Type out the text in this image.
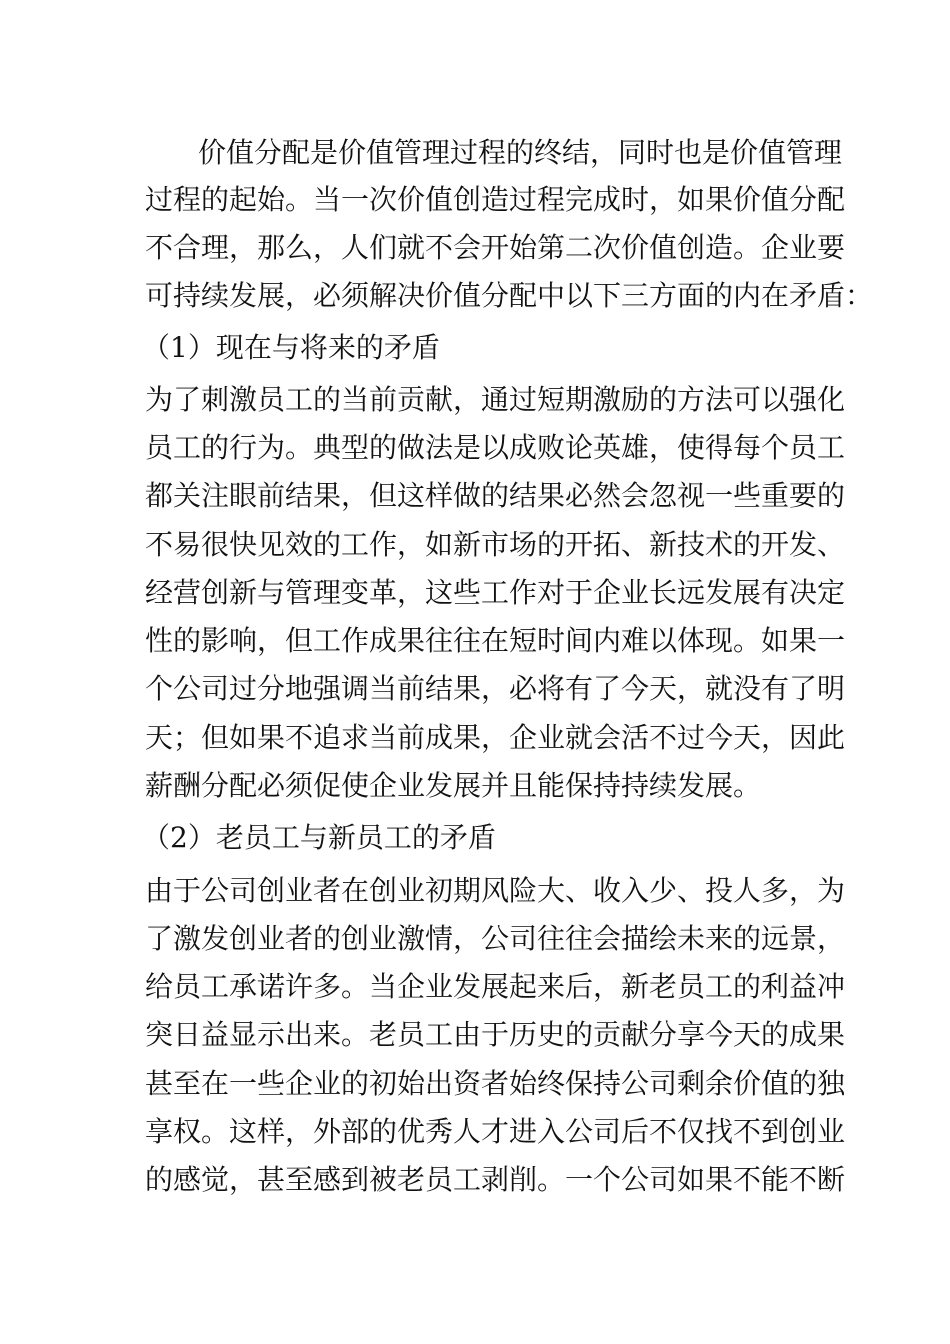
价值分配是价值管理过程的终结，同时也是价值管理
过程的起始。当一次价值创造过程完成时，如果价值分配
不合理，那么，人们就不会开始第二次价值创造。企业要
可持续发展，必须解决价值分配中以下三方面的内在矛盾：
（1）现在与将来的矛盾
为了刺激员工的当前贡献，通过短期激励的方法可以强化
员工的行为。典型的做法是以成败论英雄，使得每个员工
都关注眼前结果，但这样做的结果必然会忽视一些重要的
不易很快见效的工作，如新市场的开拓、新技术的开发、
经营创新与管理变革，这些工作对于企业长远发展有决定
性的影响，但工作成果往往在短时间内难以体现。如果一
个公司过分地强调当前结果，必将有了今天，就没有了明
天；但如果不追求当前成果，企业就会活不过今天，因此
薪酬分配必须促使企业发展并且能保持持续发展。
（2）老员工与新员工的矛盾
由于公司创业者在创业初期风险大、收入少、投人多，为
了激发创业者的创业激情，公司往往会描绘未来的远景，
给员工承诺许多。当企业发展起来后，新老员工的利益冲
突日益显示出来。老员工由于历史的贡献分享今天的成果
甚至在一些企业的初始出资者始终保持公司剩余价值的独
享权。这样，外部的优秀人才进入公司后不仅找不到创业
的感觉，甚至感到被老员工剥削。一个公司如果不能不断
